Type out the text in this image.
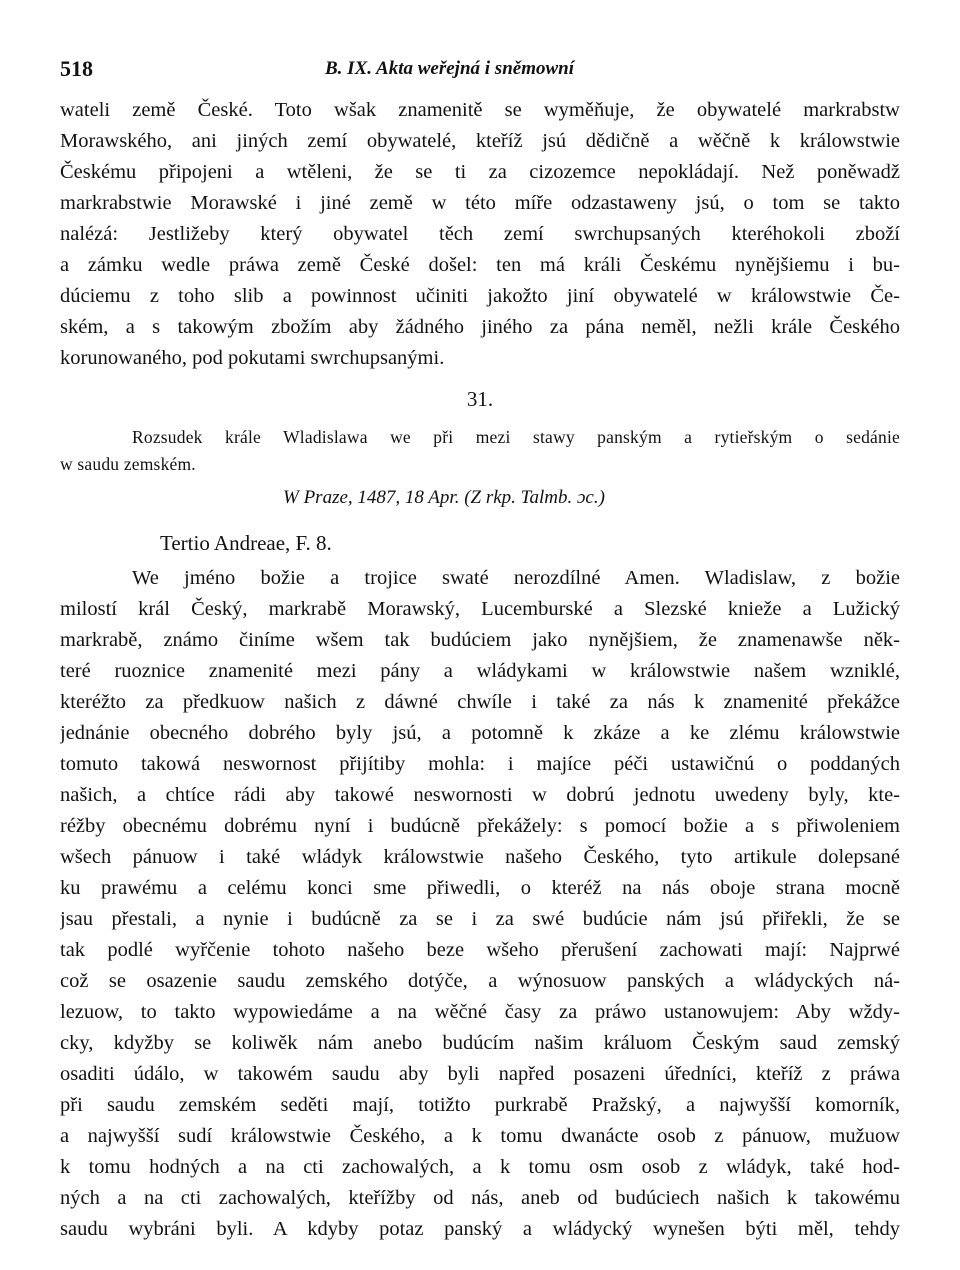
518	B. IX. Akta weřejná i sněmowní
wateli země České. Toto wšak znamenitě se wyměňuje, že obywatelé markrabstw
Morawského, ani jiných zemí obywatelé, kteříž jsú dědičně a wěčně k králowstwie
Českému připojeni a wtěleni, že se ti za cizozemce nepokládají. Než poněwadž
markrabstwie Morawské i jiné země w této míře odzastaweny jsú, o tom se takto
nalézá: Jestližeby který obywatel těch zemí swrchupsaných kteréhokoli zboží
a zámku wedle práwa země České došel: ten má králi Českému nynějšiemu i bu-
dúciemu z toho slib a powinnost učiniti jakožto jiní obywatelé w králowstwie Če-
ském, a s takowým zbožím aby žádného jiného za pána neměl, nežli krále Českého
korunowaného, pod pokutami swrchupsanými.
31.
Rozsudek krále Wladislawa we při mezi stawy panským a rytieřským o sedánie
w saudu zemském.
W Praze, 1487, 18 Apr. (Z rkp. Talmb. ɔc.)
Tertio Andreae, F. 8.
We jméno božie a trojice swaté nerozdílné Amen. Wladislaw, z božie
milostí král Český, markrabě Morawský, Lucemburské a Slezské knieže a Lužický
markrabě, známo činíme wšem tak budúciem jako nynějšiem, že znamenawše něk-
teré ruoznice znamenité mezi pány a wládykami w králowstwie našem wzniklé,
kteréžto za předkuow našich z dáwné chwíle i také za nás k znamenité překážce
jednánie obecného dobrého byly jsú, a potomně k zkáze a ke zlému králowstwie
tomuto takowá neswornost přijítiby mohla: i majíce péči ustawičnú o poddaných
našich, a chtíce rádi aby takowé neswornosti w dobrú jednotu uwedeny byly, kte-
réžby obecnému dobrému nyní i budúcně překážely: s pomocí božie a s přiwoleniem
wšech pánuow i také wládyk králowstwie našeho Českého, tyto artikule dolepsané
ku prawému a celému konci sme přiwedli, o kteréž na nás oboje strana mocně
jsau přestali, a nynie i budúcně za se i za swé budúcie nám jsú přiřekli, že se
tak podlé wyřčenie tohoto našeho beze wšeho přerušení zachowati mají: Najprwé
což se osazenie saudu zemského dotýče, a wýnosuow panských a wládyckých ná-
lezuow, to takto wypowiedáme a na wěčné časy za práwo ustanowujem: Aby wždy-
cky, kdyžby se koliwěk nám anebo budúcím našim králuom Českým saud zemský
osaditi údálo, w takowém saudu aby byli napřed posazeni úředníci, kteříž z práwa
při saudu zemském seděti mají, totižto purkrabě Pražský, a najwyšší komorník,
a najwyšší sudí králowstwie Českého, a k tomu dwanácte osob z pánuow, mužuow
k tomu hodných a na cti zachowalých, a k tomu osm osob z wládyk, také hod-
ných a na cti zachowalých, kteřížby od nás, aneb od budúciech našich k takowému
saudu wybráni byli. A kdyby potaz panský a wládycký wynešen býti měl, tehdy
